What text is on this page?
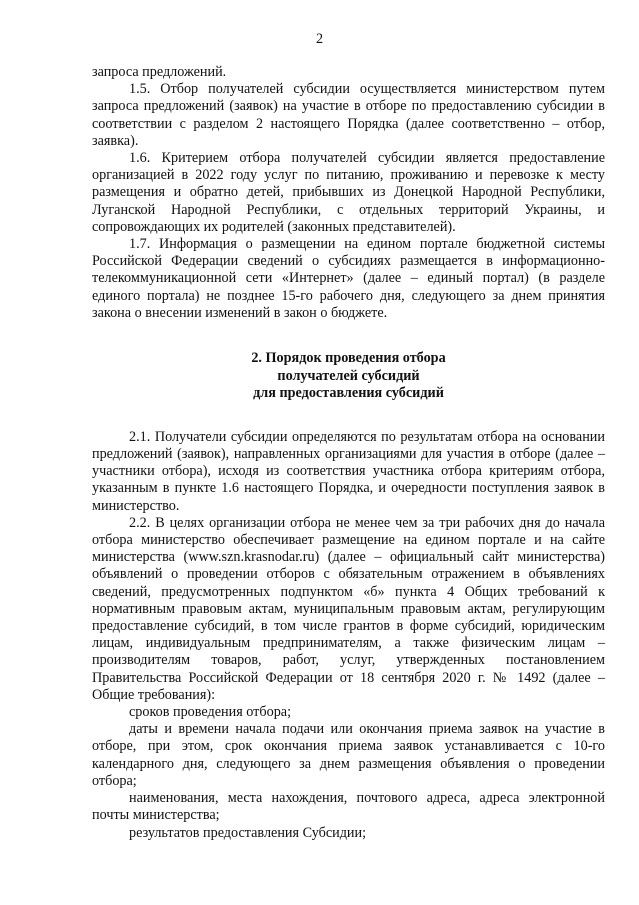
2

запроса предложений.

1.5. Отбор получателей субсидии осуществляется министерством путем запроса предложений (заявок) на участие в отборе по предоставлению субсидии в соответствии с разделом 2 настоящего Порядка (далее соответственно – отбор, заявка).

1.6. Критерием отбора получателей субсидии является предоставление организацией в 2022 году услуг по питанию, проживанию и перевозке к месту размещения и обратно детей, прибывших из Донецкой Народной Республики, Луганской Народной Республики, с отдельных территорий Украины, и сопровождающих их родителей (законных представителей).

1.7. Информация о размещении на едином портале бюджетной системы Российской Федерации сведений о субсидиях размещается в информационно-телекоммуникационной сети «Интернет» (далее – единый портал) (в разделе единого портала) не позднее 15-го рабочего дня, следующего за днем принятия закона о внесении изменений в закон о бюджете.

2. Порядок проведения отбора
получателей субсидий
для предоставления субсидий

2.1. Получатели субсидии определяются по результатам отбора на основании предложений (заявок), направленных организациями для участия в отборе (далее – участники отбора), исходя из соответствия участника отбора критериям отбора, указанным в пункте 1.6 настоящего Порядка, и очередности поступления заявок в министерство.

2.2. В целях организации отбора не менее чем за три рабочих дня до начала отбора министерство обеспечивает размещение на едином портале и на сайте министерства (www.szn.krasnodar.ru) (далее – официальный сайт министерства) объявлений о проведении отборов с обязательным отражением в объявлениях сведений, предусмотренных подпунктом «б» пункта 4 Общих требований к нормативным правовым актам, муниципальным правовым актам, регулирующим предоставление субсидий, в том числе грантов в форме субсидий, юридическим лицам, индивидуальным предпринимателям, а также физическим лицам – производителям товаров, работ, услуг, утвержденных постановлением Правительства Российской Федерации от 18 сентября 2020 г. № 1492 (далее – Общие требования):

сроков проведения отбора;

даты и времени начала подачи или окончания приема заявок на участие в отборе, при этом, срок окончания приема заявок устанавливается с 10-го календарного дня, следующего за днем размещения объявления о проведении отбора;

наименования, места нахождения, почтового адреса, адреса электронной почты министерства;

результатов предоставления Субсидии;
